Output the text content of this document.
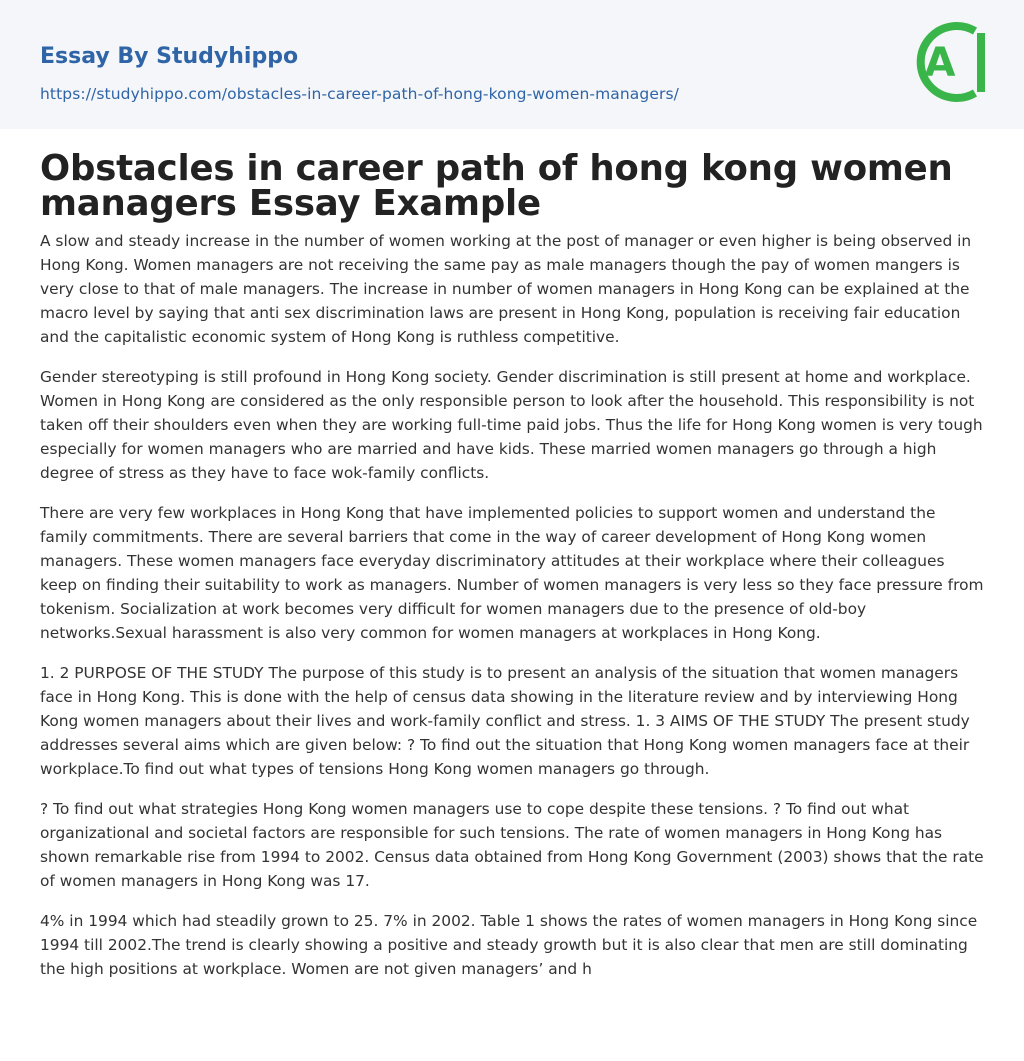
Essay By Studyhippo
https://studyhippo.com/obstacles-in-career-path-of-hong-kong-women-managers/
A
Obstacles in career path of hong kong women managers Essay Example

A slow and steady increase in the number of women working at the post of manager or even higher is being observed in Hong Kong. Women managers are not receiving the same pay as male managers though the pay of women mangers is very close to that of male managers. The increase in number of women managers in Hong Kong can be explained at the macro level by saying that anti sex discrimination laws are present in Hong Kong, population is receiving fair education and the capitalistic economic system of Hong Kong is ruthless competitive.

Gender stereotyping is still profound in Hong Kong society. Gender discrimination is still present at home and workplace. Women in Hong Kong are considered as the only responsible person to look after the household. This responsibility is not taken off their shoulders even when they are working full-time paid jobs. Thus the life for Hong Kong women is very tough especially for women managers who are married and have kids. These married women managers go through a high degree of stress as they have to face wok-family conflicts.

There are very few workplaces in Hong Kong that have implemented policies to support women and understand the family commitments. There are several barriers that come in the way of career development of Hong Kong women managers. These women managers face everyday discriminatory attitudes at their workplace where their colleagues keep on finding their suitability to work as managers. Number of women managers is very less so they face pressure from tokenism. Socialization at work becomes very difficult for women managers due to the presence of old-boy networks.Sexual harassment is also very common for women managers at workplaces in Hong Kong.

1. 2 PURPOSE OF THE STUDY The purpose of this study is to present an analysis of the situation that women managers face in Hong Kong. This is done with the help of census data showing in the literature review and by interviewing Hong Kong women managers about their lives and work-family conflict and stress. 1. 3 AIMS OF THE STUDY The present study addresses several aims which are given below: ? To find out the situation that Hong Kong women managers face at their workplace.To find out what types of tensions Hong Kong women managers go through.

? To find out what strategies Hong Kong women managers use to cope despite these tensions. ? To find out what organizational and societal factors are responsible for such tensions. The rate of women managers in Hong Kong has shown remarkable rise from 1994 to 2002. Census data obtained from Hong Kong Government (2003) shows that the rate of women managers in Hong Kong was 17.

4% in 1994 which had steadily grown to 25. 7% in 2002. Table 1 shows the rates of women managers in Hong Kong since 1994 till 2002.The trend is clearly showing a positive and steady growth but it is also clear that men are still dominating the high positions at workplace. Women are not given managers’ and h
